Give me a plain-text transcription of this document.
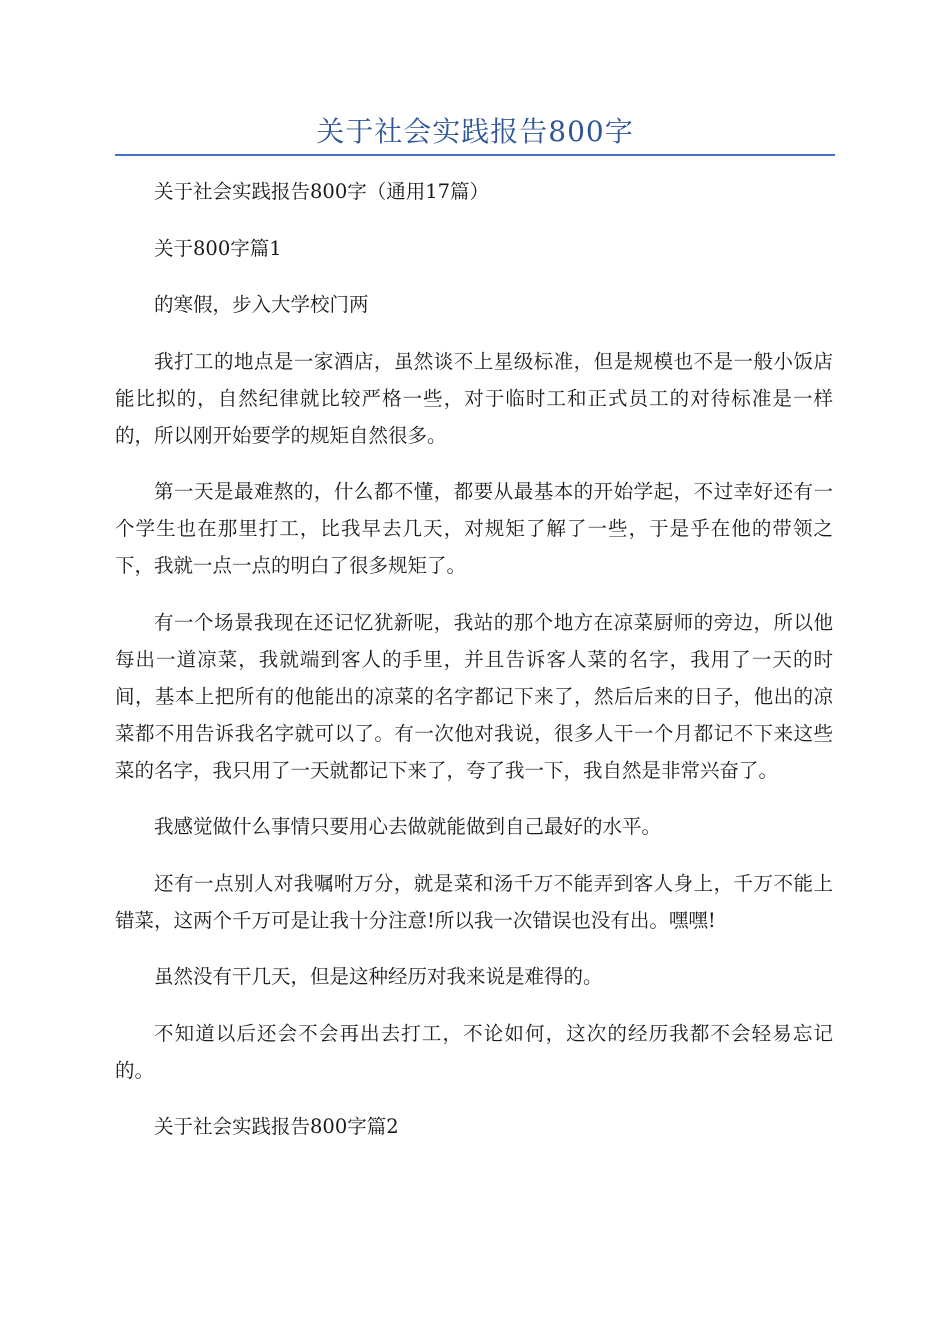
关于社会实践报告800字

关于社会实践报告800字（通用17篇）

关于800字篇1

的寒假，步入大学校门两

我打工的地点是一家酒店，虽然谈不上星级标准，但是规模也不是一般小饭店能比拟的，自然纪律就比较严格一些，对于临时工和正式员工的对待标准是一样的，所以刚开始要学的规矩自然很多。

第一天是最难熬的，什么都不懂，都要从最基本的开始学起，不过幸好还有一个学生也在那里打工，比我早去几天，对规矩了解了一些，于是乎在他的带领之下，我就一点一点的明白了很多规矩了。

有一个场景我现在还记忆犹新呢，我站的那个地方在凉菜厨师的旁边，所以他每出一道凉菜，我就端到客人的手里，并且告诉客人菜的名字，我用了一天的时间，基本上把所有的他能出的凉菜的名字都记下来了，然后后来的日子，他出的凉菜都不用告诉我名字就可以了。有一次他对我说，很多人干一个月都记不下来这些菜的名字，我只用了一天就都记下来了，夸了我一下，我自然是非常兴奋了。

我感觉做什么事情只要用心去做就能做到自己最好的水平。

还有一点别人对我嘱咐万分，就是菜和汤千万不能弄到客人身上，千万不能上错菜，这两个千万可是让我十分注意!所以我一次错误也没有出。嘿嘿!

虽然没有干几天，但是这种经历对我来说是难得的。

不知道以后还会不会再出去打工，不论如何，这次的经历我都不会轻易忘记的。

关于社会实践报告800字篇2
